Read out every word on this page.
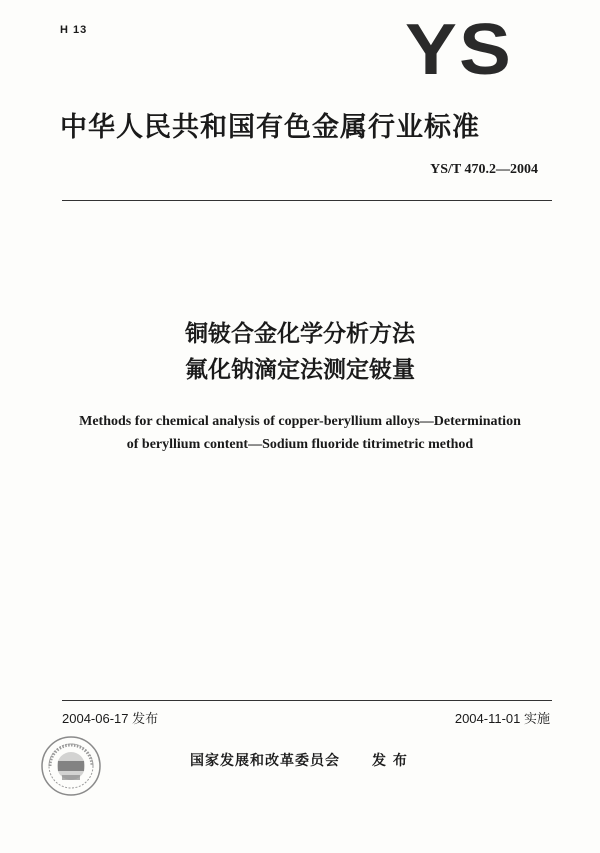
H 13	YS
中华人民共和国有色金属行业标准
YS/T 470.2—2004
铜铍合金化学分析方法
氟化钠滴定法测定铍量
Methods for chemical analysis of copper-beryllium alloys—Determination
of beryllium content—Sodium fluoride titrimetric method
2004-06-17 发布	2004-11-01 实施
国家发展和改革委员会 发 布
